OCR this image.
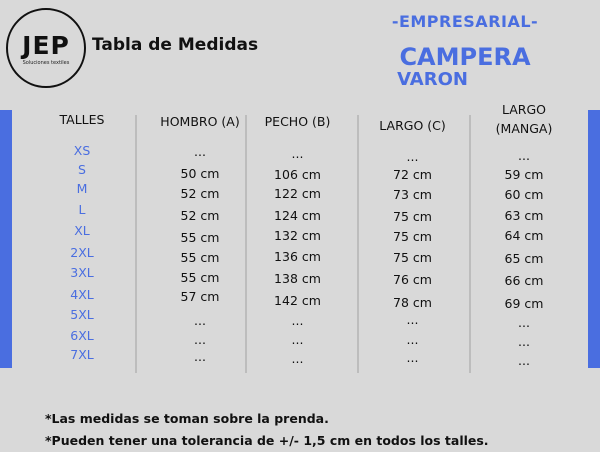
JEP
Soluciones textiles
Tabla de Medidas
-EMPRESARIAL-
CAMPERA
VARON
TALLES
XS
S
M
L
XL
2XL
3XL
4XL
5XL
6XL
7XL
HOMBRO (A)
...
50 cm
52 cm
52 cm
55 cm
55 cm
55 cm
57 cm
...
...
...
PECHO (B)
...
106 cm
122 cm
124 cm
132 cm
136 cm
138 cm
142 cm
...
...
...
LARGO (C)
...
72 cm
73 cm
75 cm
75 cm
75 cm
76 cm
78 cm
...
...
...
LARGO
(MANGA)
...
59 cm
60 cm
63 cm
64 cm
65 cm
66 cm
69 cm
...
...
...
*Las medidas se toman sobre la prenda.
*Pueden tener una tolerancia de +/- 1,5 cm en todos los talles.
